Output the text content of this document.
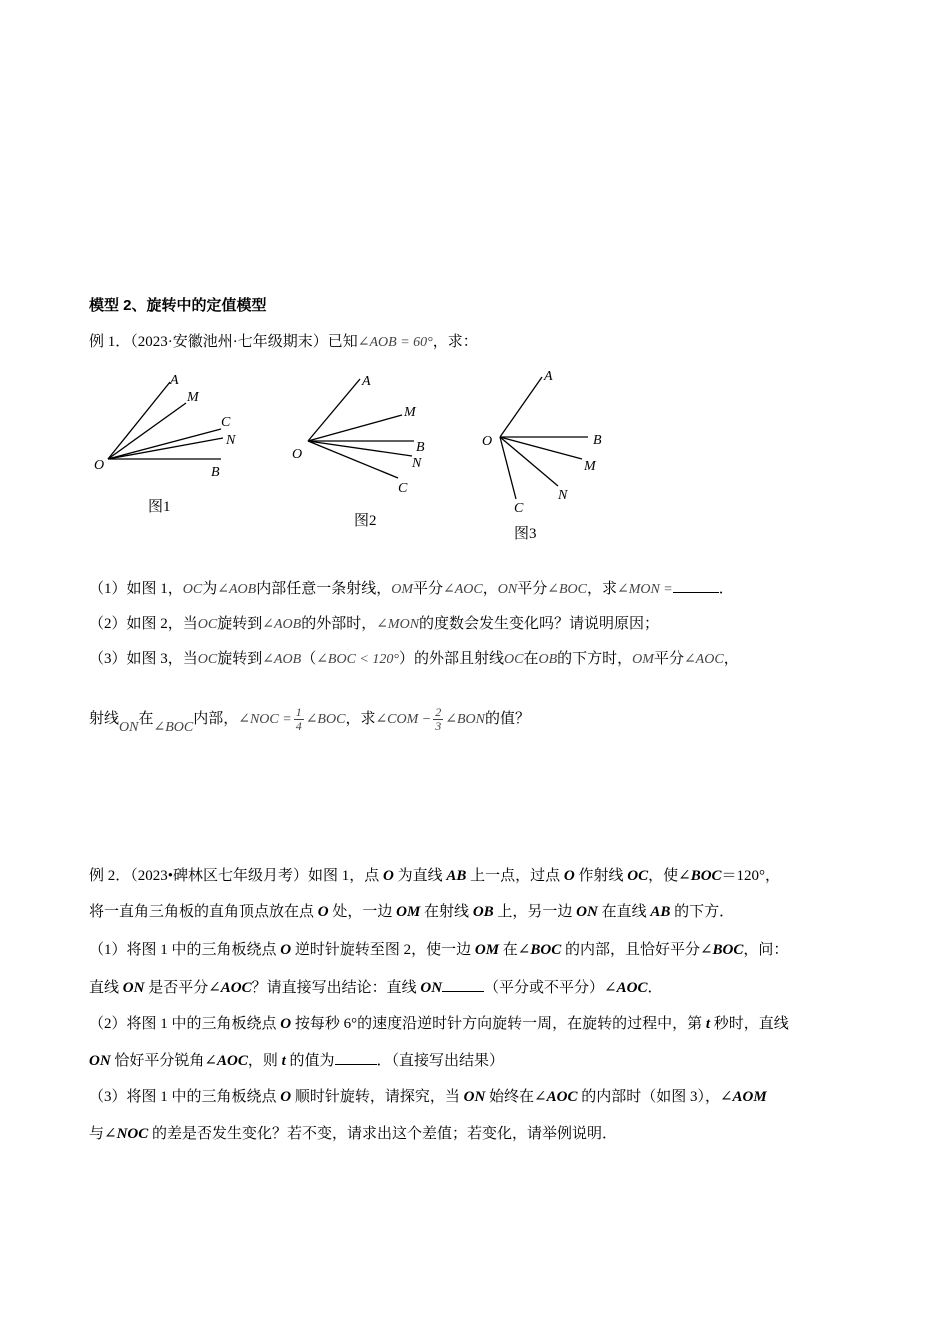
模型 2、旋转中的定值模型
例 1．（2023·安徽池州·七年级期末）已知∠AOB = 60°，求：
A
M
C
N
B
O
图1
A
M
B
N
C
O
图2
A
B
M
N
C
O
图3
（1）如图 1，OC为∠AOB内部任意一条射线，OM平分∠AOC，ON平分∠BOC，求∠MON =	．
（2）如图 2，当OC旋转到∠AOB的外部时，∠MON的度数会发生变化吗？请说明原因；
（3）如图 3，当OC旋转到∠AOB（∠BOC < 120°）的外部且射线OC在OB的下方时，OM平分∠AOC，
射线ON在∠BOC内部，∠NOC = $\frac{1}{4}$ ∠BOC，求∠COM − $\frac{2}{3}$ ∠BON的值？
例 2．（2023•碑林区七年级月考）如图 1，点 O 为直线 AB 上一点，过点 O 作射线 OC，使∠BOC＝120°，
将一直角三角板的直角顶点放在点 O 处，一边 OM 在射线 OB 上，另一边 ON 在直线 AB 的下方．
（1）将图 1 中的三角板绕点 O 逆时针旋转至图 2，使一边 OM 在∠BOC 的内部，且恰好平分∠BOC，问：
直线 ON 是否平分∠AOC？请直接写出结论：直线 ON	（平分或不平分）∠AOC．
（2）将图 1 中的三角板绕点 O 按每秒 6°的速度沿逆时针方向旋转一周，在旋转的过程中，第 t 秒时，直线
ON 恰好平分锐角∠AOC，则 t 的值为	．（直接写出结果）
（3）将图 1 中的三角板绕点 O 顺时针旋转，请探究，当 ON 始终在∠AOC 的内部时（如图 3），∠AOM
与∠NOC 的差是否发生变化？若不变，请求出这个差值；若变化，请举例说明．
